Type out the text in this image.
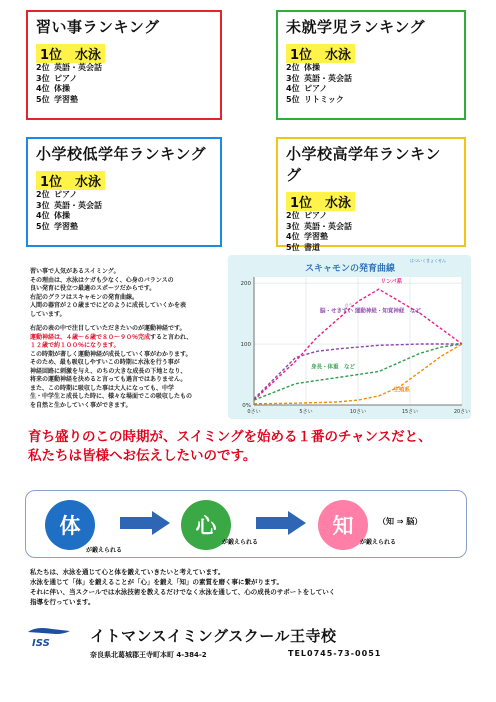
習い事ランキング
1位　水泳
2位 英語・英会話
3位 ピアノ
4位 体操
5位 学習塾
未就学児ランキング
1位　水泳
2位 体操
3位 英語・英会話
4位 ピアノ
5位 リトミック
小学校低学年ランキング
1位　水泳
2位 ピアノ
3位 英語・英会話
4位 体操
5位 学習塾
小学校高学年ランキング
1位　水泳
2位 ピアノ
3位 英語・英会話
4位 学習塾
5位 書道
習い事で人気があるスイミング。
その理由は、水泳はケガも少なく、心身のバランスの
良い発育に役立つ最適のスポーツだからです。
右記のグラフはスキャモンの発育曲線。
人間の器官が２０歳までにどのように成長していくかを表
しています。
右記の表の中で注目していただきたいのが運動神経です。
運動神経は、４歳～６歳で８０～９０％完成すると言われ、
１２歳で約１００％になります。
この時期が著しく運動神経が成長していく事がわかります。
そのため、最も吸収しやすいこの時期に水泳を行う事が
神経回路に刺激を与え、のちの大きな成長の下地となり、
将来の運動神経を決めると言っても過言ではありません。
また、この時期に吸収した事は大人になっても、中学
生・中学生と成長した時に、様々な場面でこの吸収したもの
を自然と生かしていく事ができます。
はついくきょくせん
スキャモンの発育曲線
0さい	5さい	10さい	15さい	20さい
0%
100
200	リンパ系
脳・せきずい 運動神経・知覚神経　など
のう
身長・体重　など
生殖系
育ち盛りのこの時期が、スイミングを始める１番のチャンスだと、
私たちは皆様へお伝えしたいのです。
体
が鍛えられる
心
が鍛えられる
知
が鍛えられる
（知 ⇒ 脳）
私たちは、水泳を通じて心と体を鍛えていきたいと考えています。
水泳を通じて「体」を鍛えることが「心」を鍛え「知」の素質を磨く事に繋がります。
それに伴い、当スクールでは水泳技術を教えるだけでなく水泳を通して、心の成長のサポートをしていく
指導を行っています。
ISS	イトマンスイミングスクール王寺校
奈良県北葛城郡王寺町本町 4-384-2	TEL0745-73-0051
